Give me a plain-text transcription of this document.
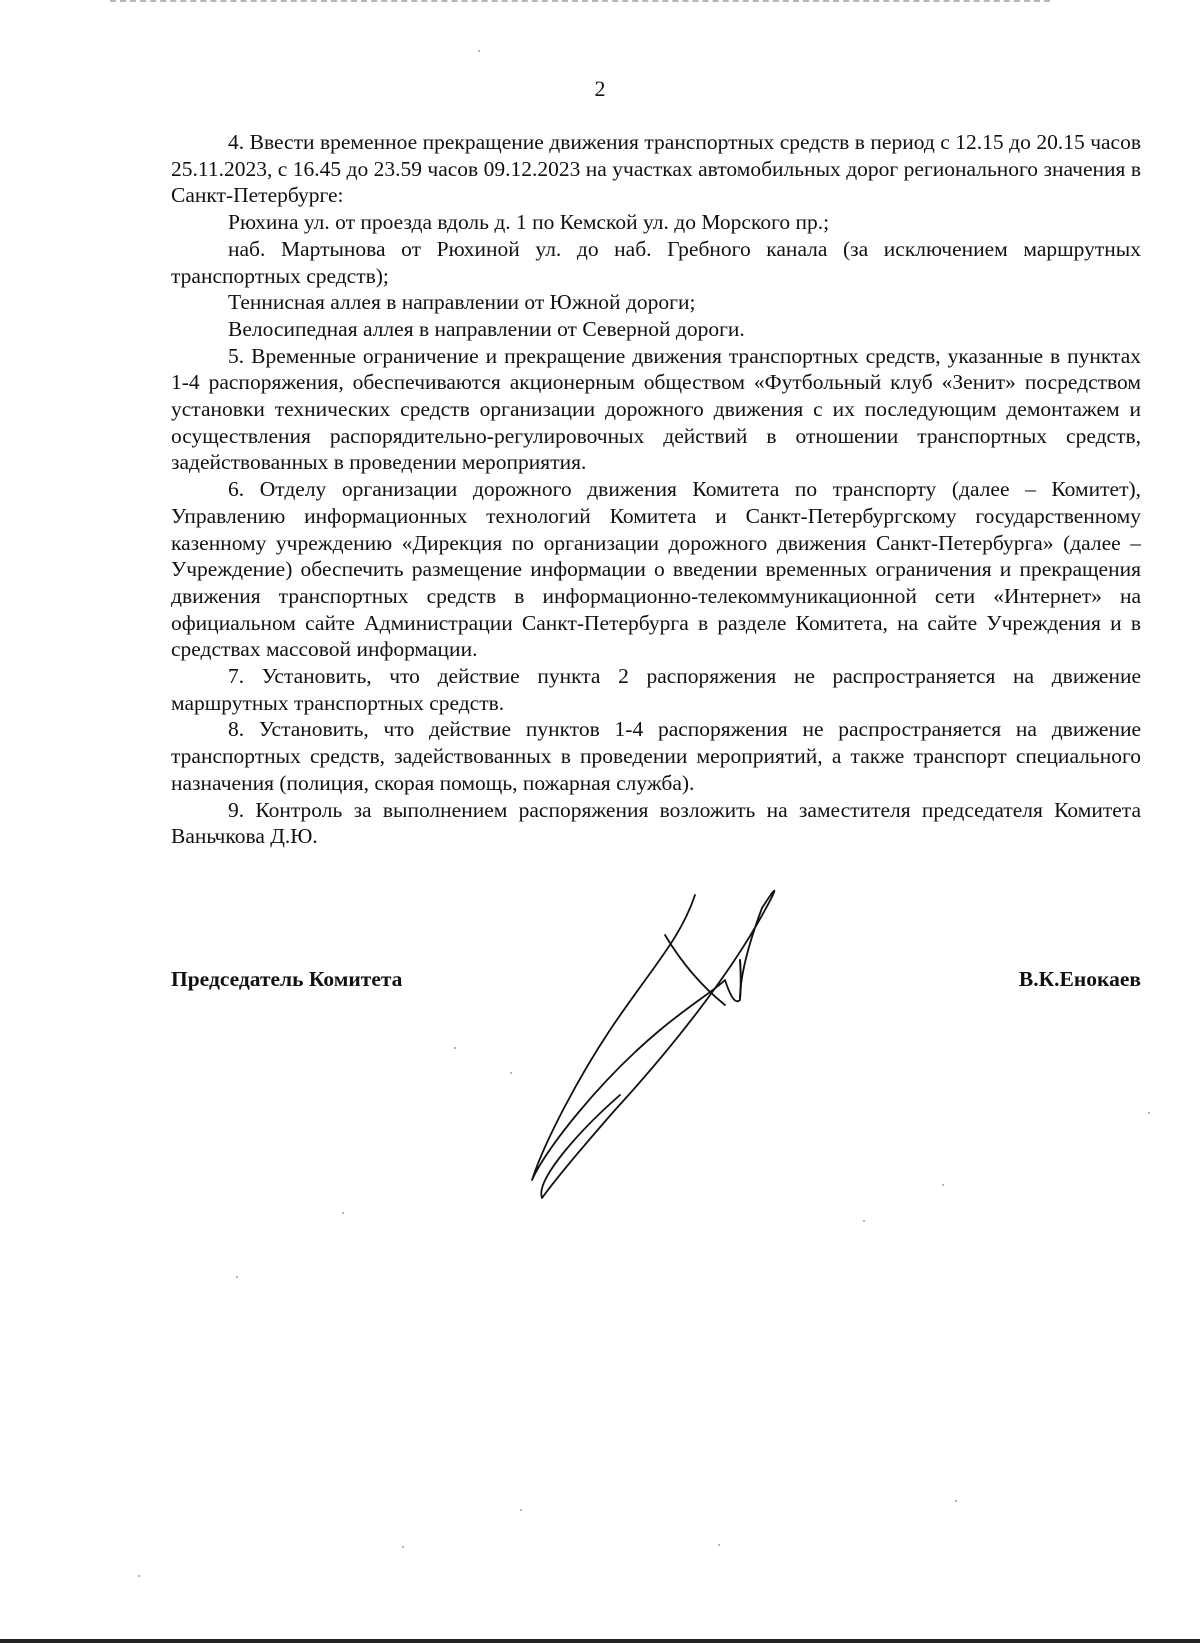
2

4. Ввести временное прекращение движения транспортных средств в период с 12.15 до 20.15 часов 25.11.2023, с 16.45 до 23.59 часов 09.12.2023 на участках автомобильных дорог регионального значения в Санкт-Петербурге:

Рюхина ул. от проезда вдоль д. 1 по Кемской ул. до Морского пр.;

наб. Мартынова от Рюхиной ул. до наб. Гребного канала (за исключением маршрутных транспортных средств);

Теннисная аллея в направлении от Южной дороги;

Велосипедная аллея в направлении от Северной дороги.

5. Временные ограничение и прекращение движения транспортных средств, указанные в пунктах 1-4 распоряжения, обеспечиваются акционерным обществом «Футбольный клуб «Зенит» посредством установки технических средств организации дорожного движения с их последующим демонтажем и осуществления распорядительно-регулировочных действий в отношении транспортных средств, задействованных в проведении мероприятия.

6. Отделу организации дорожного движения Комитета по транспорту (далее – Комитет), Управлению информационных технологий Комитета и Санкт-Петербургскому государственному казенному учреждению «Дирекция по организации дорожного движения Санкт-Петербурга» (далее – Учреждение) обеспечить размещение информации о введении временных ограничения и прекращения движения транспортных средств в информационно-телекоммуникационной сети «Интернет» на официальном сайте Администрации Санкт-Петербурга в разделе Комитета, на сайте Учреждения и в средствах массовой информации.

7. Установить, что действие пункта 2 распоряжения не распространяется на движение маршрутных транспортных средств.

8. Установить, что действие пунктов 1-4 распоряжения не распространяется на движение транспортных средств, задействованных в проведении мероприятий, а также транспорт специального назначения (полиция, скорая помощь, пожарная служба).

9. Контроль за выполнением распоряжения возложить на заместителя председателя Комитета Ваньчкова Д.Ю.

Председатель Комитета	В.К.Енокаев
